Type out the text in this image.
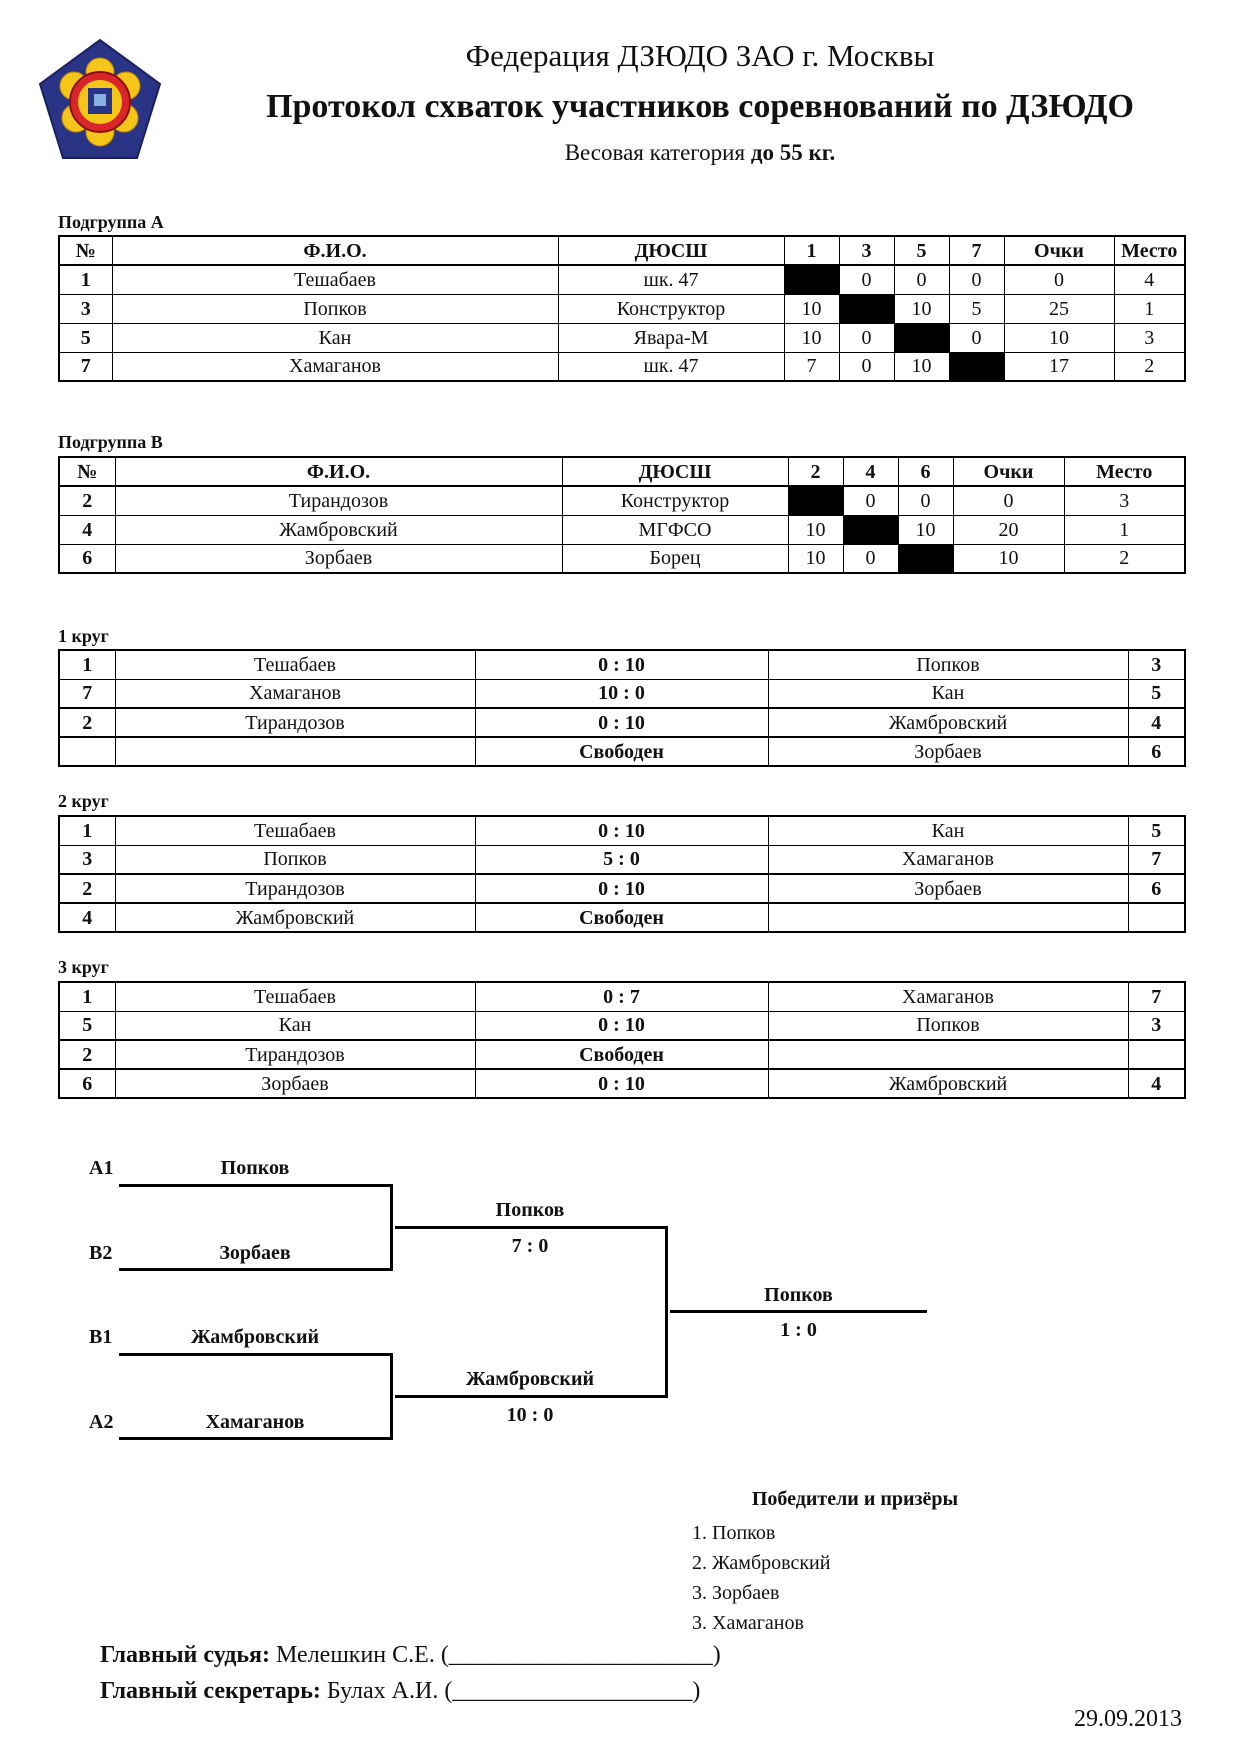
Федерация ДЗЮДО ЗАО г. Москвы
Протокол схваток участников соревнований по ДЗЮДО
Весовая категория до 55 кг.
Подгруппа А
№	Ф.И.О.	ДЮСШ	1	3	5	7	Очки	Место
1	Тешабаев	шк. 47		0	0	0	0	4
3	Попков	Конструктор	10		10	5	25	1
5	Кан	Явара-М	10	0		0	10	3
7	Хамаганов	шк. 47	7	0	10		17	2
Подгруппа В
№	Ф.И.О.	ДЮСШ	2	4	6	Очки	Место
2	Тирандозов	Конструктор		0	0	0	3
4	Жамбровский	МГФСО	10		10	20	1
6	Зорбаев	Борец	10	0		10	2
1 круг
1	Тешабаев	0 : 10	Попков	3
7	Хамаганов	10 : 0	Кан	5
2	Тирандозов	0 : 10	Жамбровский	4
		Свободен	Зорбаев	6
2 круг
1	Тешабаев	0 : 10	Кан	5
3	Попков	5 : 0	Хамаганов	7
2	Тирандозов	0 : 10	Зорбаев	6
4	Жамбровский	Свободен		
3 круг
1	Тешабаев	0 : 7	Хамаганов	7
5	Кан	0 : 10	Попков	3
2	Тирандозов	Свободен		
6	Зорбаев	0 : 10	Жамбровский	4
A1	Попков
B2	Зорбаев
B1	Жамбровский
A2	Хамаганов
Попков
7 : 0
Жамбровский
10 : 0
Попков
1 : 0
Победители и призёры
1. Попков
2. Жамбровский
3. Зорбаев
3. Хамаганов
Главный судья: Мелешкин С.Е. (______________________)
Главный секретарь: Булах А.И. (____________________)
29.09.2013
